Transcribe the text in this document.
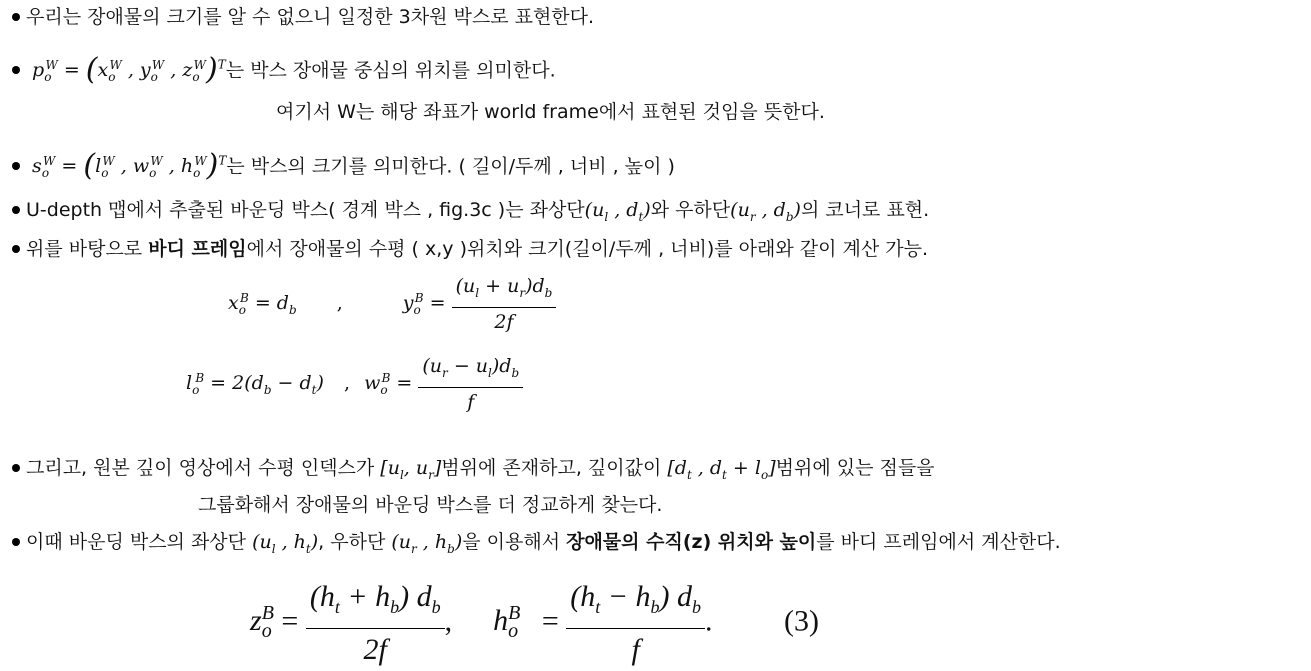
우리는 장애물의 크기를 알 수 없으니 일정한 3차원 박스로 표현한다.
$p_o^W = (x_o^W$ , $y_o^W$ , $z_o^W)^T$는 박스 장애물 중심의 위치를 의미한다.
여기서 W는 해당 좌표가 world frame에서 표현된 것임을 뜻한다.
$s_o^W = (l_o^W$ , $w_o^W$ , $h_o^W)^T$는 박스의 크기를 의미한다. ( 길이/두께 , 너비 , 높이 )
U-depth 맵에서 추출된 바운딩 박스( 경계 박스 , fig.3c )는 좌상단($u_l$ , $d_t$)와 우하단($u_r$ , $d_b$)의 코너로 표현.
위를 바탕으로 바디 프레임에서 장애물의 수평 ( x,y )위치와 크기(길이/두께 , 너비)를 아래와 같이 계산 가능.
$x_o^B = d_b$ ,	$y_o^B = \frac{(u_l + u_r)d_b}{2f}$
$l_o^B = 2(d_b - d_t)$ , $w_o^B = \frac{(u_r - u_l)d_b}{f}$
그리고, 원본 깊이 영상에서 수평 인덱스가 [$u_l$, $u_r$]범위에 존재하고, 깊이값이 [$d_t$ , $d_t + l_o$]범위에 있는 점들을
그룹화해서 장애물의 바운딩 박스를 더 정교하게 찾는다.
이때 바운딩 박스의 좌상단 ($u_l$ , $h_t$), 우하단 ($u_r$ , $h_b$)을 이용해서 장애물의 수직(z) 위치와 높이를 바디 프레임에서 계산한다.
$z_o^B = \frac{(h_t + h_b) d_b}{2f}$ ,  $h_o^B = \frac{(h_t - h_b) d_b}{f}$ . (3)
